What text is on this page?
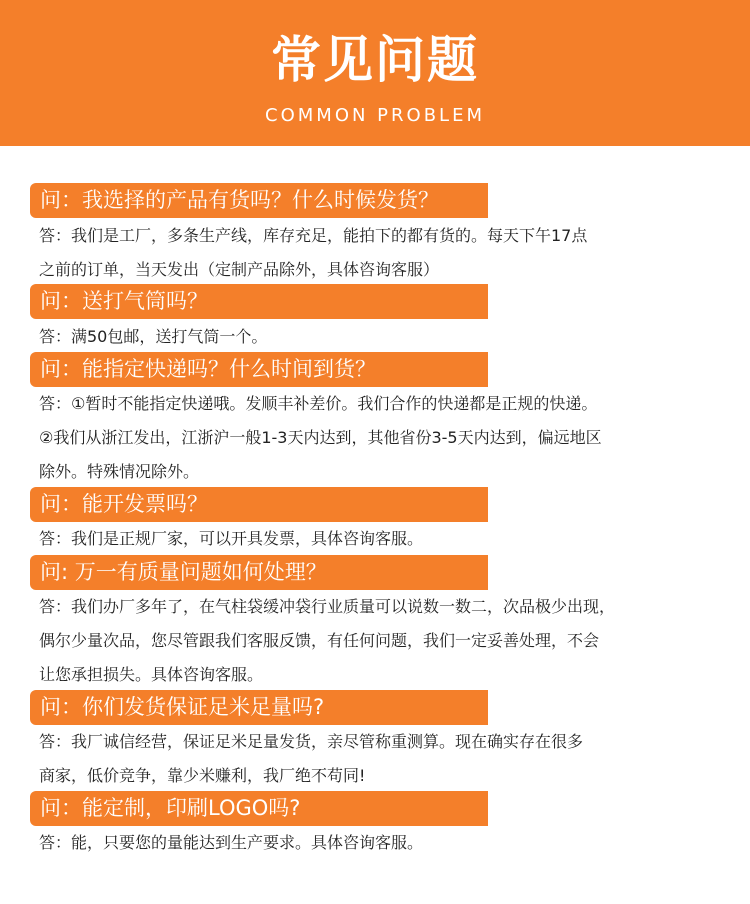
常见问题
COMMON PROBLEM
问：我选择的产品有货吗？什么时候发货？
答：我们是工厂，多条生产线，库存充足，能拍下的都有货的。每天下午17点
之前的订单，当天发出（定制产品除外，具体咨询客服）
问：送打气筒吗？
答：满50包邮，送打气筒一个。
问：能指定快递吗？什么时间到货？
答：①暂时不能指定快递哦。发顺丰补差价。我们合作的快递都是正规的快递。
②我们从浙江发出，江浙沪一般1-3天内达到，其他省份3-5天内达到，偏远地区
除外。特殊情况除外。
问：能开发票吗？
答：我们是正规厂家，可以开具发票，具体咨询客服。
问: 万一有质量问题如何处理？
答：我们办厂多年了，在气柱袋缓冲袋行业质量可以说数一数二，次品极少出现，
偶尔少量次品，您尽管跟我们客服反馈，有任何问题，我们一定妥善处理，不会
让您承担损失。具体咨询客服。
问：你们发货保证足米足量吗?
答：我厂诚信经营，保证足米足量发货，亲尽管称重测算。现在确实存在很多
商家，低价竞争，靠少米赚利，我厂绝不苟同!
问：能定制，印刷LOGO吗?
答：能，只要您的量能达到生产要求。具体咨询客服。
